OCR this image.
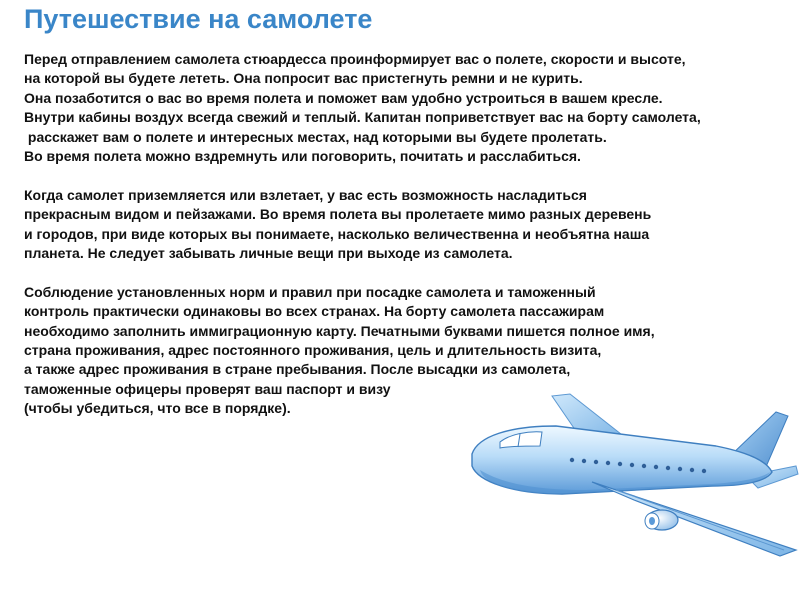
Путешествие на самолете

Перед отправлением самолета стюардесса проинформирует вас о полете, скорости и высоте,
на которой вы будете лететь. Она попросит вас пристегнуть ремни и не курить.
Она позаботится о вас во время полета и поможет вам удобно устроиться в вашем кресле.
Внутри кабины воздух всегда свежий и теплый. Капитан поприветствует вас на борту самолета,
расскажет вам о полете и интересных местах, над которыми вы будете пролетать.
Во время полета можно вздремнуть или поговорить, почитать и расслабиться.

Когда самолет приземляется или взлетает, у вас есть возможность насладиться
прекрасным видом и пейзажами. Во время полета вы пролетаете мимо разных деревень
и городов, при виде которых вы понимаете, насколько величественна и необъятна наша
планета. Не следует забывать личные вещи при выходе из самолета.

Соблюдение установленных норм и правил при посадке самолета и таможенный
контроль практически одинаковы во всех странах. На борту самолета пассажирам
необходимо заполнить иммиграционную карту. Печатными буквами пишется полное имя,
страна проживания, адрес постоянного проживания, цель и длительность визита,
а также адрес проживания в стране пребывания. После высадки из самолета,
таможенные офицеры проверят ваш паспорт и визу
(чтобы убедиться, что все в порядке).
